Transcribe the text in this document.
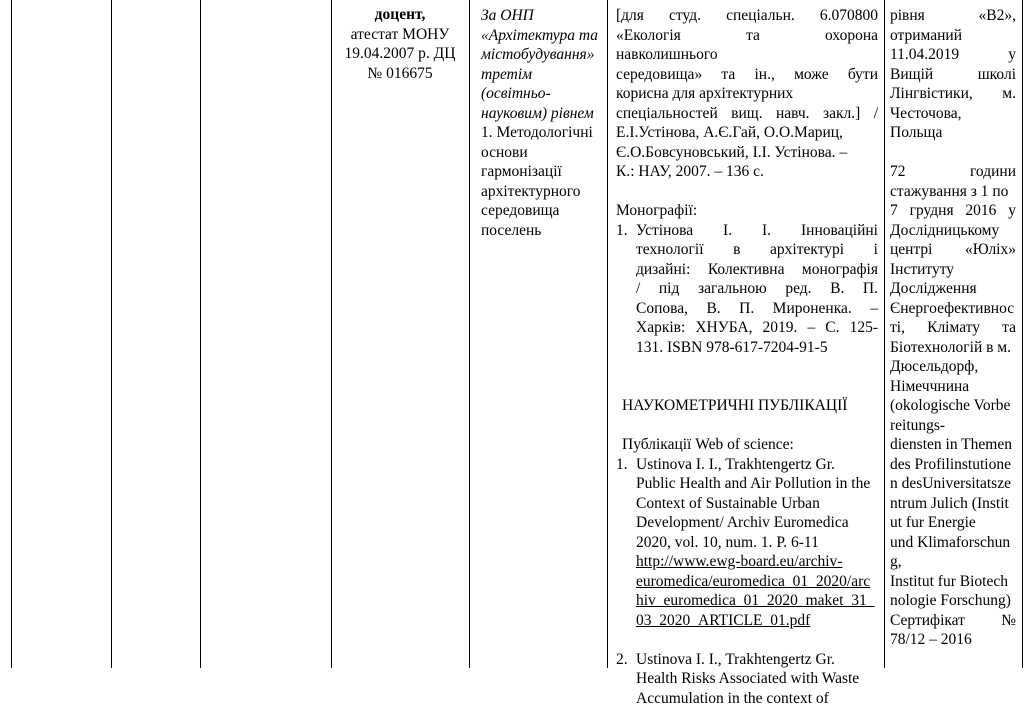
доцент,
атестат МОНУ
19.04.2007 р. ДЦ
№ 016675
За ОНП
«Архітектура та
містобудування»
третім
(освітньо-
науковим) рівнем
1. Методологічні
основи
гармонізації
архітектурного
середовища
поселень
[для студ. спеціальн. 6.070800
«Екологія та охорона
навколишнього
середовища» та ін., може бути
корисна для архітектурних
спеціальностей вищ. навч. закл.] /
Е.І.Устінова, А.Є.Гай, О.О.Мариц,
Є.О.Бовсуновський, І.І. Устінова. –
К.: НАУ, 2007. – 136 с.
Монографії:
1. Устінова І. І. Інноваційні
технології в архітектурі і
дизайні: Колективна монографія
/ під загальною ред. В. П.
Сопова, В. П. Мироненка. –
Харків: ХНУБА, 2019. – С. 125-
131. ISBN 978-617-7204-91-5
НАУКОМЕТРИЧНІ ПУБЛІКАЦІЇ
Публікації Web of science:
1. Ustinova I. I., Trakhtengertz Gr.
Public Health and Air Pollution in the
Context of Sustainable Urban
Development/ Archiv Euromedica
2020, vol. 10, num. 1. P. 6-11
http://www.ewg-board.eu/archiv-
euromedica/euromedica_01_2020/arc
hiv_euromedica_01_2020_maket_31_
03_2020_ARTICLE_01.pdf
2. Ustinova I. I., Trakhtengertz Gr.
Health Risks Associated with Waste
Accumulation in the context of
рівня «В2»,
отриманий
11.04.2019 у
Вищій школі
Лінгвістики, м.
Честочова,
Польща
72 години
стажування з 1 по
7 грудня 2016 у
Дослідницькому
центрі «Юліх»
Інституту
Дослідження
Єнергоефективнос
ті, Клімату та
Біотехнологій в м.
Дюсельдорф,
Німеччнина
(okologische Vorbe
reitungs-
diensten in Themen
des Profilinstutione
n desUniversitatsze
ntrum Julich (Instit
ut fur Energie
und Klimaforschun
g,
Institut fur Biotech
nologie Forschung)
Сертифікат №
78/12 – 2016
